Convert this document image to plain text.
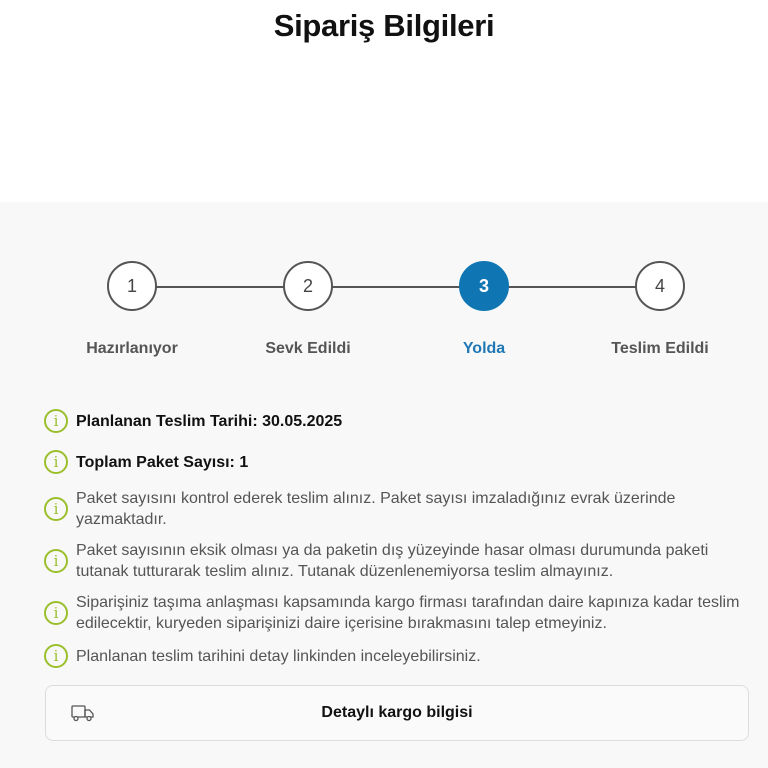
Sipariş Bilgileri
1	2	3	4
Hazırlanıyor	Sevk Edildi	Yolda	Teslim Edildi
i	Planlanan Teslim Tarihi: 30.05.2025
i	Toplam Paket Sayısı: 1
i
Paket sayısını kontrol ederek teslim alınız. Paket sayısı imzaladığınız evrak üzerinde yazmaktadır.
i
Paket sayısının eksik olması ya da paketin dış yüzeyinde hasar olması durumunda paketi tutanak tutturarak teslim alınız. Tutanak düzenlenemiyorsa teslim almayınız.
i
Siparişiniz taşıma anlaşması kapsamında kargo firması tarafından daire kapınıza kadar teslim edilecektir, kuryeden siparişinizi daire içerisine bırakmasını talep etmeyiniz.
i	Planlanan teslim tarihini detay linkinden inceleyebilirsiniz.
Detaylı kargo bilgisi
